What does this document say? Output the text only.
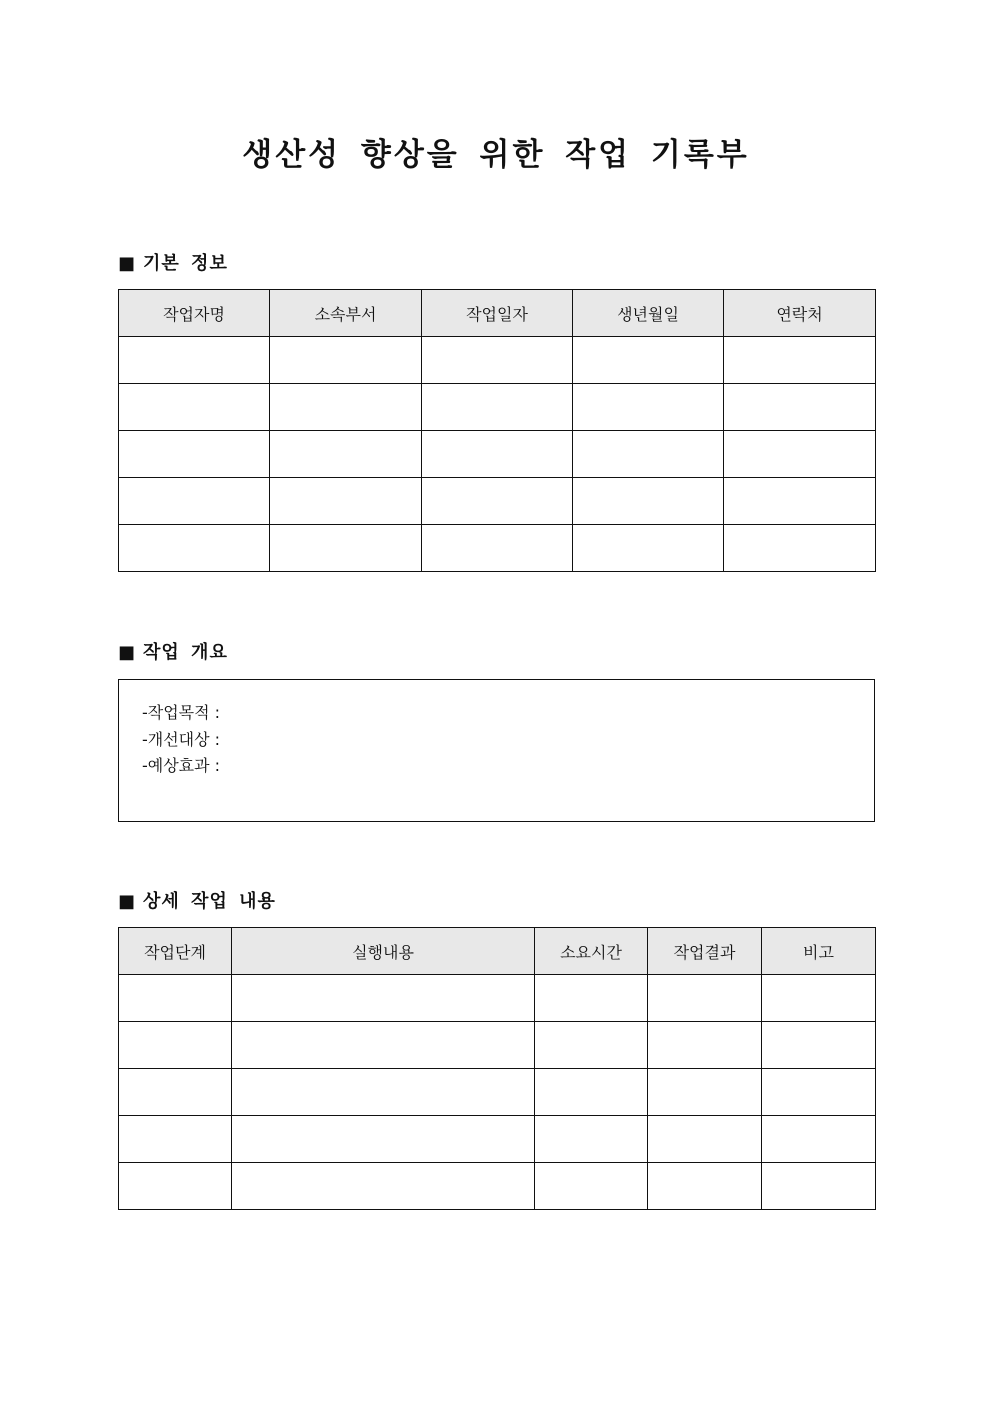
생산성 향상을 위한 작업 기록부
■ 기본 정보
작업자명	소속부서	작업일자	생년월일	연락처

■ 작업 개요
-작업목적 :
-개선대상 :
-예상효과 :
■ 상세 작업 내용
작업단계	실행내용	소요시간	작업결과	비고
